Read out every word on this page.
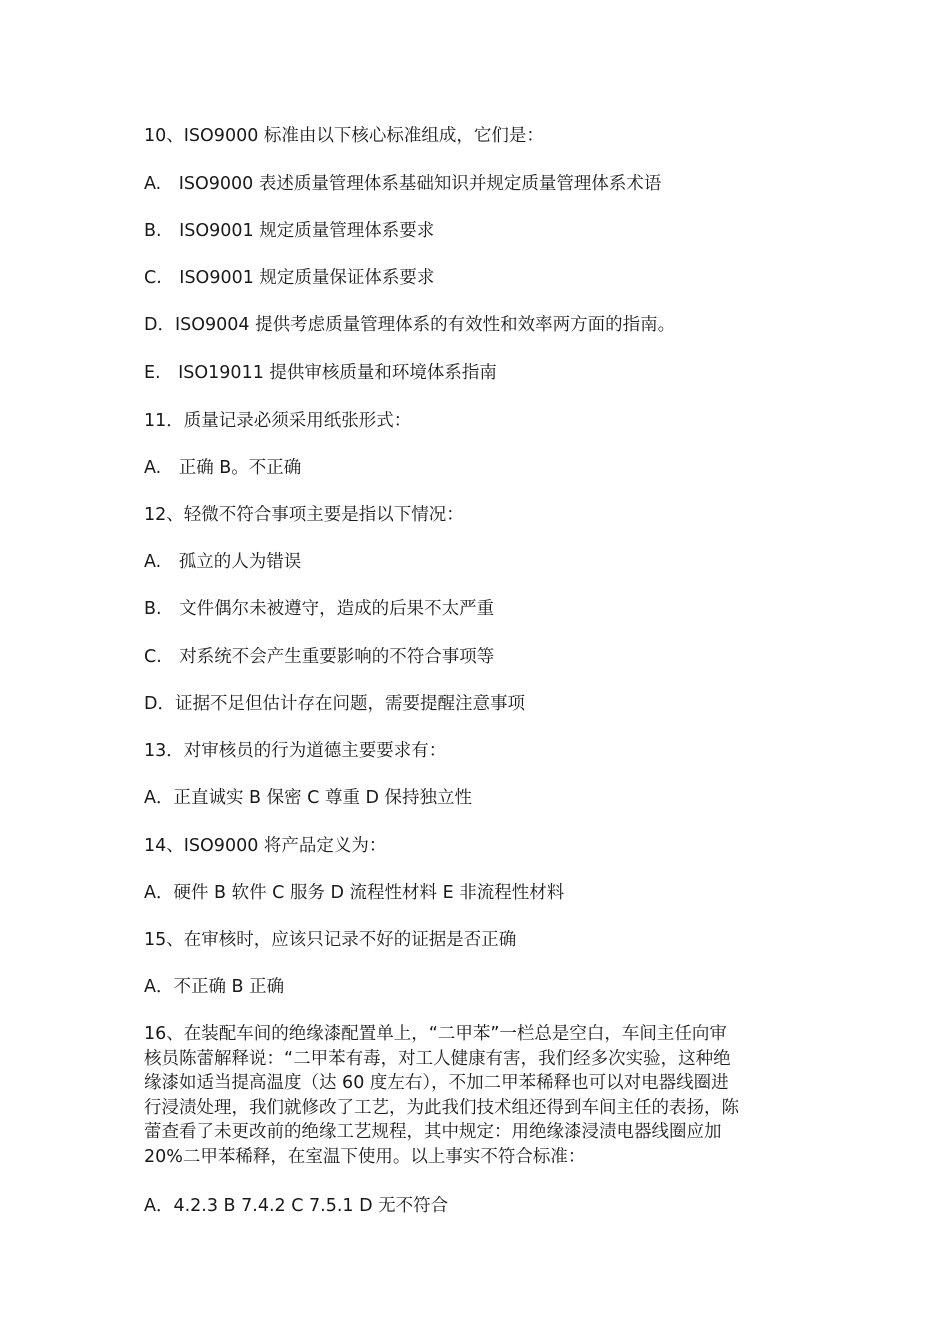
10、ISO9000 标准由以下核心标准组成，它们是：
A.　ISO9000 表述质量管理体系基础知识并规定质量管理体系术语
B.　ISO9001 规定质量管理体系要求
C.　ISO9001 规定质量保证体系要求
D．ISO9004 提供考虑质量管理体系的有效性和效率两方面的指南。
E.　ISO19011 提供审核质量和环境体系指南
11．质量记录必须采用纸张形式：
A.　正确 B。不正确
12、轻微不符合事项主要是指以下情况：
A.　孤立的人为错误
B.　文件偶尔未被遵守，造成的后果不太严重
C.　对系统不会产生重要影响的不符合事项等
D．证据不足但估计存在问题，需要提醒注意事项
13．对审核员的行为道德主要要求有：
A．正直诚实 B 保密 C 尊重 D 保持独立性
14、ISO9000 将产品定义为：
A．硬件 B 软件 C 服务 D 流程性材料 E 非流程性材料
15、在审核时，应该只记录不好的证据是否正确
A．不正确 B 正确
16、在装配车间的绝缘漆配置单上，“二甲苯”一栏总是空白，车间主任向审
核员陈蕾解释说：“二甲苯有毒，对工人健康有害，我们经多次实验，这种绝
缘漆如适当提高温度（达 60 度左右），不加二甲苯稀释也可以对电器线圈进
行浸渍处理，我们就修改了工艺，为此我们技术组还得到车间主任的表扬，陈
蕾查看了未更改前的绝缘工艺规程，其中规定：用绝缘漆浸渍电器线圈应加
20%二甲苯稀释，在室温下使用。以上事实不符合标准：
A．4.2.3 B 7.4.2 C 7.5.1 D 无不符合
